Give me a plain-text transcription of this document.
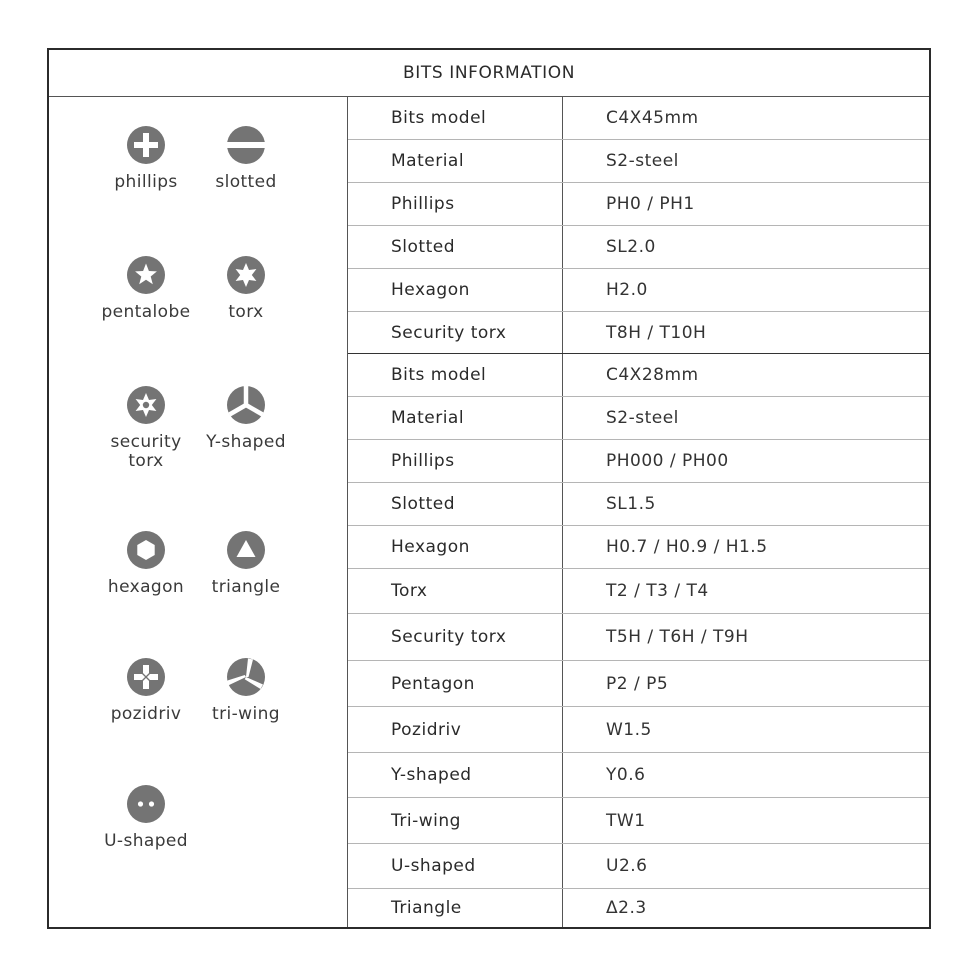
BITS INFORMATION
phillips	slotted
pentalobe	torx
security torx
Y-shaped
hexagon	triangle
pozidriv	tri-wing
U-shaped
Bits model	C4X45mm
Material	S2-steel
Phillips	PH0 / PH1
Slotted	SL2.0
Hexagon	H2.0
Security torx	T8H / T10H
Bits model	C4X28mm
Material	S2-steel
Phillips	PH000 / PH00
Slotted	SL1.5
Hexagon	H0.7 / H0.9 / H1.5
Torx	T2 / T3 / T4
Security torx	T5H / T6H / T9H
Pentagon	P2 / P5
Pozidriv	W1.5
Y-shaped	Y0.6
Tri-wing	TW1
U-shaped	U2.6
Triangle	Δ2.3
